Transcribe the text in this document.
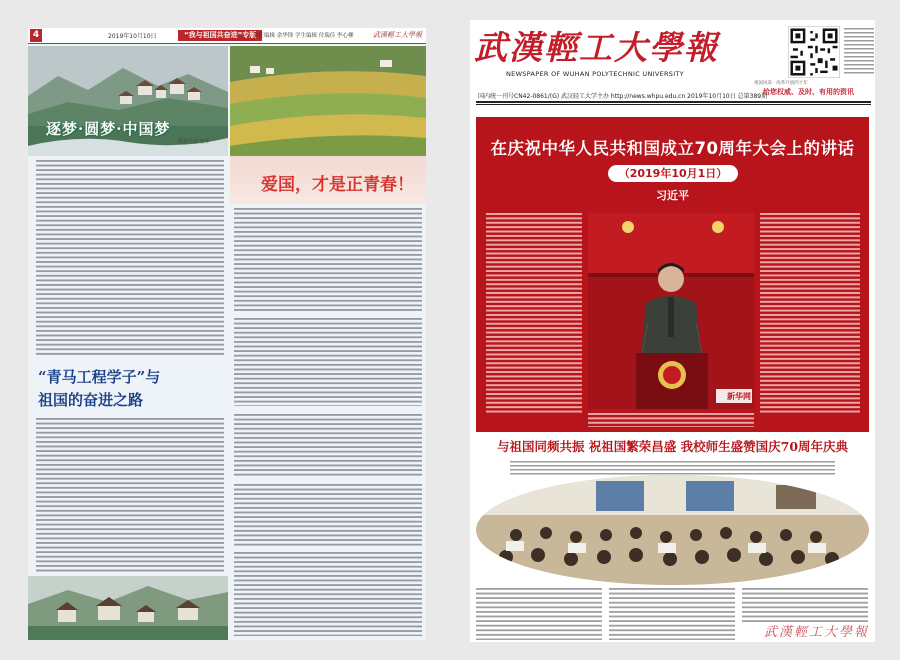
4	2019年10月10日	“我与祖国共奋进”专版
责任编辑 余华锋 学生编辑 付瑞佳 李心柳	武漢輕工大學報
逐梦·圆梦·中国梦
陈建平作 张坤
爱国，才是正青春！
“青马工程学子”与
祖国的奋进之路
武漢輕工大學報
NEWSPAPER OF WUHAN POLYTECHNIC UNIVERSITY
祖国风采 · 改革开放四十年
给您权威、及时、有用的资讯
国内统一刊号CN42-0861/(G) 武汉轻工大学主办 http://news.whpu.edu.cn 2019年10月10日 总第389期
在庆祝中华人民共和国成立70周年大会上的讲话
（2019年10月1日）
习近平
新华网
与祖国同频共振 祝祖国繁荣昌盛 我校师生盛赞国庆70周年庆典
武漢輕工大學報
